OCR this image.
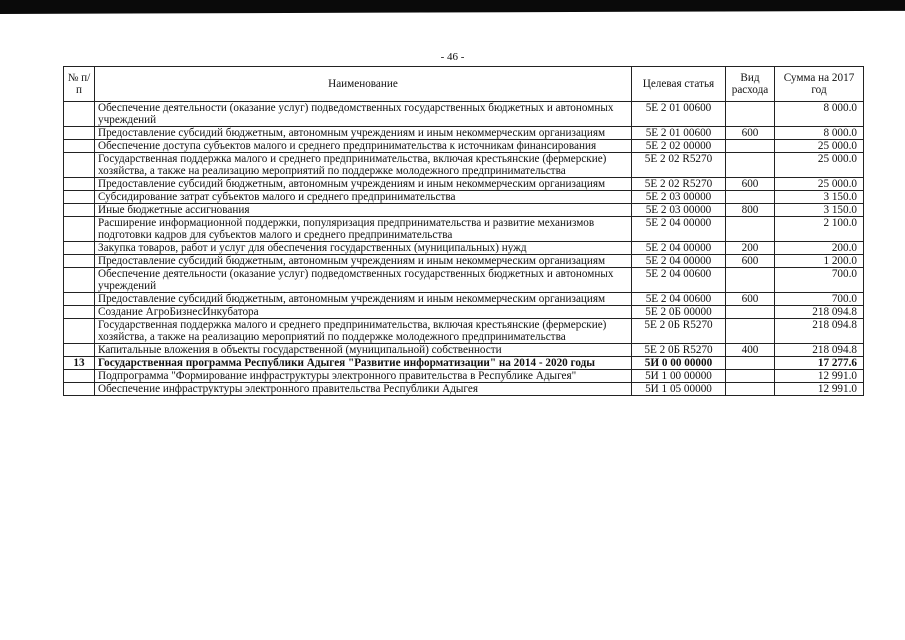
- 46 -
№ п/п	Наименование	Целевая статья	Вид расхода	Сумма на 2017 год
	Обеспечение деятельности (оказание услуг) подведомственных государственных бюджетных и автономных учреждений	5Е 2 01 00600		8 000.0
	Предоставление субсидий бюджетным, автономным учреждениям и иным некоммерческим организациям	5Е 2 01 00600	600	8 000.0
	Обеспечение доступа субъектов малого и среднего предпринимательства к источникам финансирования	5Е 2 02 00000		25 000.0
	Государственная поддержка малого и среднего предпринимательства, включая крестьянские (фермерские) хозяйства, а также на реализацию мероприятий по поддержке молодежного предпринимательства	5Е 2 02 R5270		25 000.0
	Предоставление субсидий бюджетным, автономным учреждениям и иным некоммерческим организациям	5Е 2 02 R5270	600	25 000.0
	Субсидирование затрат субъектов малого и среднего предпринимательства	5Е 2 03 00000		3 150.0
	Иные бюджетные ассигнования	5Е 2 03 00000	800	3 150.0
	Расширение информационной поддержки, популяризация предпринимательства и развитие механизмов подготовки кадров для субъектов малого и среднего предпринимательства	5Е 2 04 00000		2 100.0
	Закупка товаров, работ и услуг для обеспечения государственных (муниципальных) нужд	5Е 2 04 00000	200	200.0
	Предоставление субсидий бюджетным, автономным учреждениям и иным некоммерческим организациям	5Е 2 04 00000	600	1 200.0
	Обеспечение деятельности (оказание услуг) подведомственных государственных бюджетных и автономных учреждений	5Е 2 04 00600		700.0
	Предоставление субсидий бюджетным, автономным учреждениям и иным некоммерческим организациям	5Е 2 04 00600	600	700.0
	Создание АгроБизнесИнкубатора	5Е 2 0Б 00000		218 094.8
	Государственная поддержка малого и среднего предпринимательства, включая крестьянские (фермерские) хозяйства, а также на реализацию мероприятий по поддержке молодежного предпринимательства	5Е 2 0Б R5270		218 094.8
	Капитальные вложения в объекты государственной (муниципальной) собственности	5Е 2 0Б R5270	400	218 094.8
13	Государственная программа Республики Адыгея "Развитие информатизации" на 2014 - 2020 годы	5И 0 00 00000		17 277.6
	Подпрограмма "Формирование инфраструктуры электронного правительства в Республике Адыгея"	5И 1 00 00000		12 991.0
	Обеспечение инфраструктуры электронного правительства Республики Адыгея	5И 1 05 00000		12 991.0
